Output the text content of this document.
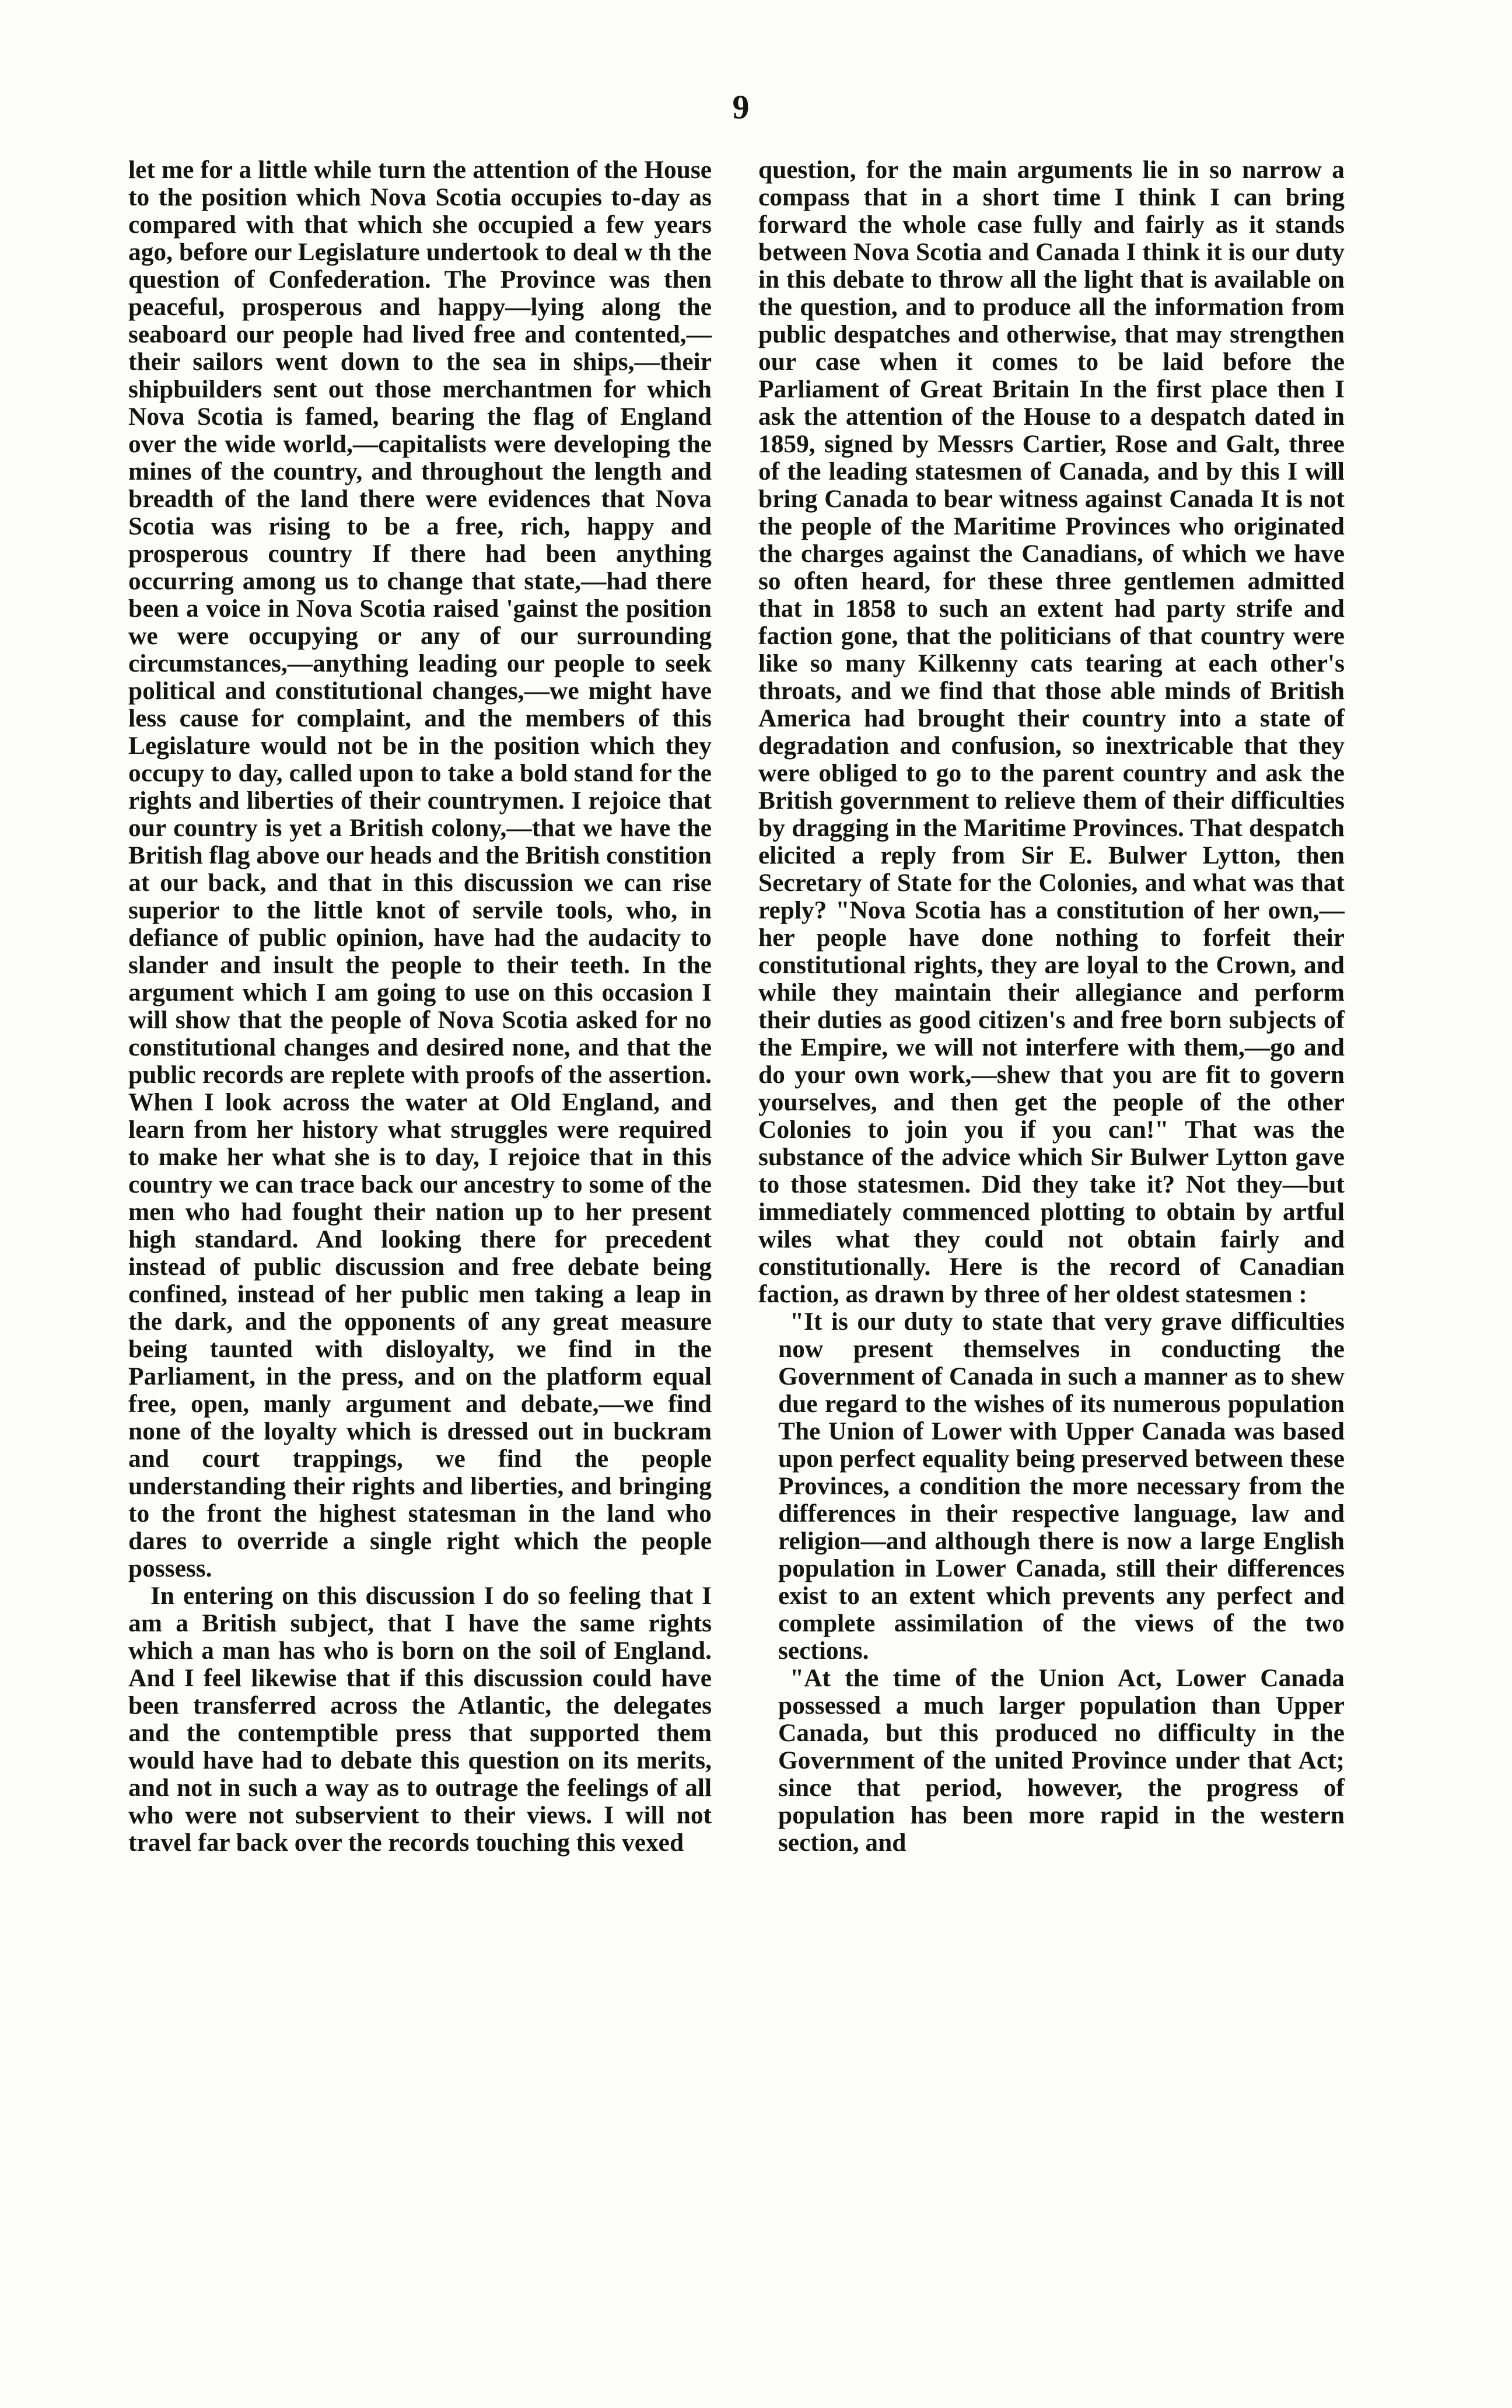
9

let me for a little while turn the attention of the House to the position which Nova Scotia occupies to-day as compared with that which she occupied a few years ago, before our Legislature undertook to deal w th the question of Confederation. The Province was then peaceful, prosperous and happy—lying along the seaboard our people had lived free and contented,—their sailors went down to the sea in ships,—their shipbuilders sent out those merchantmen for which Nova Scotia is famed, bearing the flag of England over the wide world,—capitalists were developing the mines of the country, and throughout the length and breadth of the land there were evidences that Nova Scotia was rising to be a free, rich, happy and prosperous country If there had been anything occurring among us to change that state,—had there been a voice in Nova Scotia raised 'gainst the position we were occupying or any of our surrounding circumstances,—anything leading our people to seek political and constitutional changes,—we might have less cause for complaint, and the members of this Legislature would not be in the position which they occupy to day, called upon to take a bold stand for the rights and liberties of their countrymen. I rejoice that our country is yet a British colony,—that we have the British flag above our heads and the British constition at our back, and that in this discussion we can rise superior to the little knot of servile tools, who, in defiance of public opinion, have had the audacity to slander and insult the people to their teeth. In the argument which I am going to use on this occasion I will show that the people of Nova Scotia asked for no constitutional changes and desired none, and that the public records are replete with proofs of the assertion. When I look across the water at Old England, and learn from her history what struggles were required to make her what she is to day, I rejoice that in this country we can trace back our ancestry to some of the men who had fought their nation up to her present high standard. And looking there for precedent instead of public discussion and free debate being confined, instead of her public men taking a leap in the dark, and the opponents of any great measure being taunted with disloyalty, we find in the Parliament, in the press, and on the platform equal free, open, manly argument and debate,—we find none of the loyalty which is dressed out in buckram and court trappings, we find the people understanding their rights and liberties, and bringing to the front the highest statesman in the land who dares to override a single right which the people possess.

In entering on this discussion I do so feeling that I am a British subject, that I have the same rights which a man has who is born on the soil of England. And I feel likewise that if this discussion could have been transferred across the Atlantic, the delegates and the contemptible press that supported them would have had to debate this question on its merits, and not in such a way as to outrage the feelings of all who were not subservient to their views. I will not travel far back over the records touching this vexed

question, for the main arguments lie in so narrow a compass that in a short time I think I can bring forward the whole case fully and fairly as it stands between Nova Scotia and Canada I think it is our duty in this debate to throw all the light that is available on the question, and to produce all the information from public despatches and otherwise, that may strengthen our case when it comes to be laid before the Parliament of Great Britain In the first place then I ask the attention of the House to a despatch dated in 1859, signed by Messrs Cartier, Rose and Galt, three of the leading statesmen of Canada, and by this I will bring Canada to bear witness against Canada It is not the people of the Maritime Provinces who originated the charges against the Canadians, of which we have so often heard, for these three gentlemen admitted that in 1858 to such an extent had party strife and faction gone, that the politicians of that country were like so many Kilkenny cats tearing at each other's throats, and we find that those able minds of British America had brought their country into a state of degradation and confusion, so inextricable that they were obliged to go to the parent country and ask the British government to relieve them of their difficulties by dragging in the Maritime Provinces. That despatch elicited a reply from Sir E. Bulwer Lytton, then Secretary of State for the Colonies, and what was that reply? "Nova Scotia has a constitution of her own,—her people have done nothing to forfeit their constitutional rights, they are loyal to the Crown, and while they maintain their allegiance and perform their duties as good citizen's and free born subjects of the Empire, we will not interfere with them,—go and do your own work,—shew that you are fit to govern yourselves, and then get the people of the other Colonies to join you if you can!" That was the substance of the advice which Sir Bulwer Lytton gave to those statesmen. Did they take it? Not they—but immediately commenced plotting to obtain by artful wiles what they could not obtain fairly and constitutionally. Here is the record of Canadian faction, as drawn by three of her oldest statesmen :

"It is our duty to state that very grave difficulties now present themselves in conducting the Government of Canada in such a manner as to shew due regard to the wishes of its numerous population The Union of Lower with Upper Canada was based upon perfect equality being preserved between these Provinces, a condition the more necessary from the differences in their respective language, law and religion—and although there is now a large English population in Lower Canada, still their differences exist to an extent which prevents any perfect and complete assimilation of the views of the two sections.

"At the time of the Union Act, Lower Canada possessed a much larger population than Upper Canada, but this produced no difficulty in the Government of the united Province under that Act; since that period, however, the progress of population has been more rapid in the western section, and
